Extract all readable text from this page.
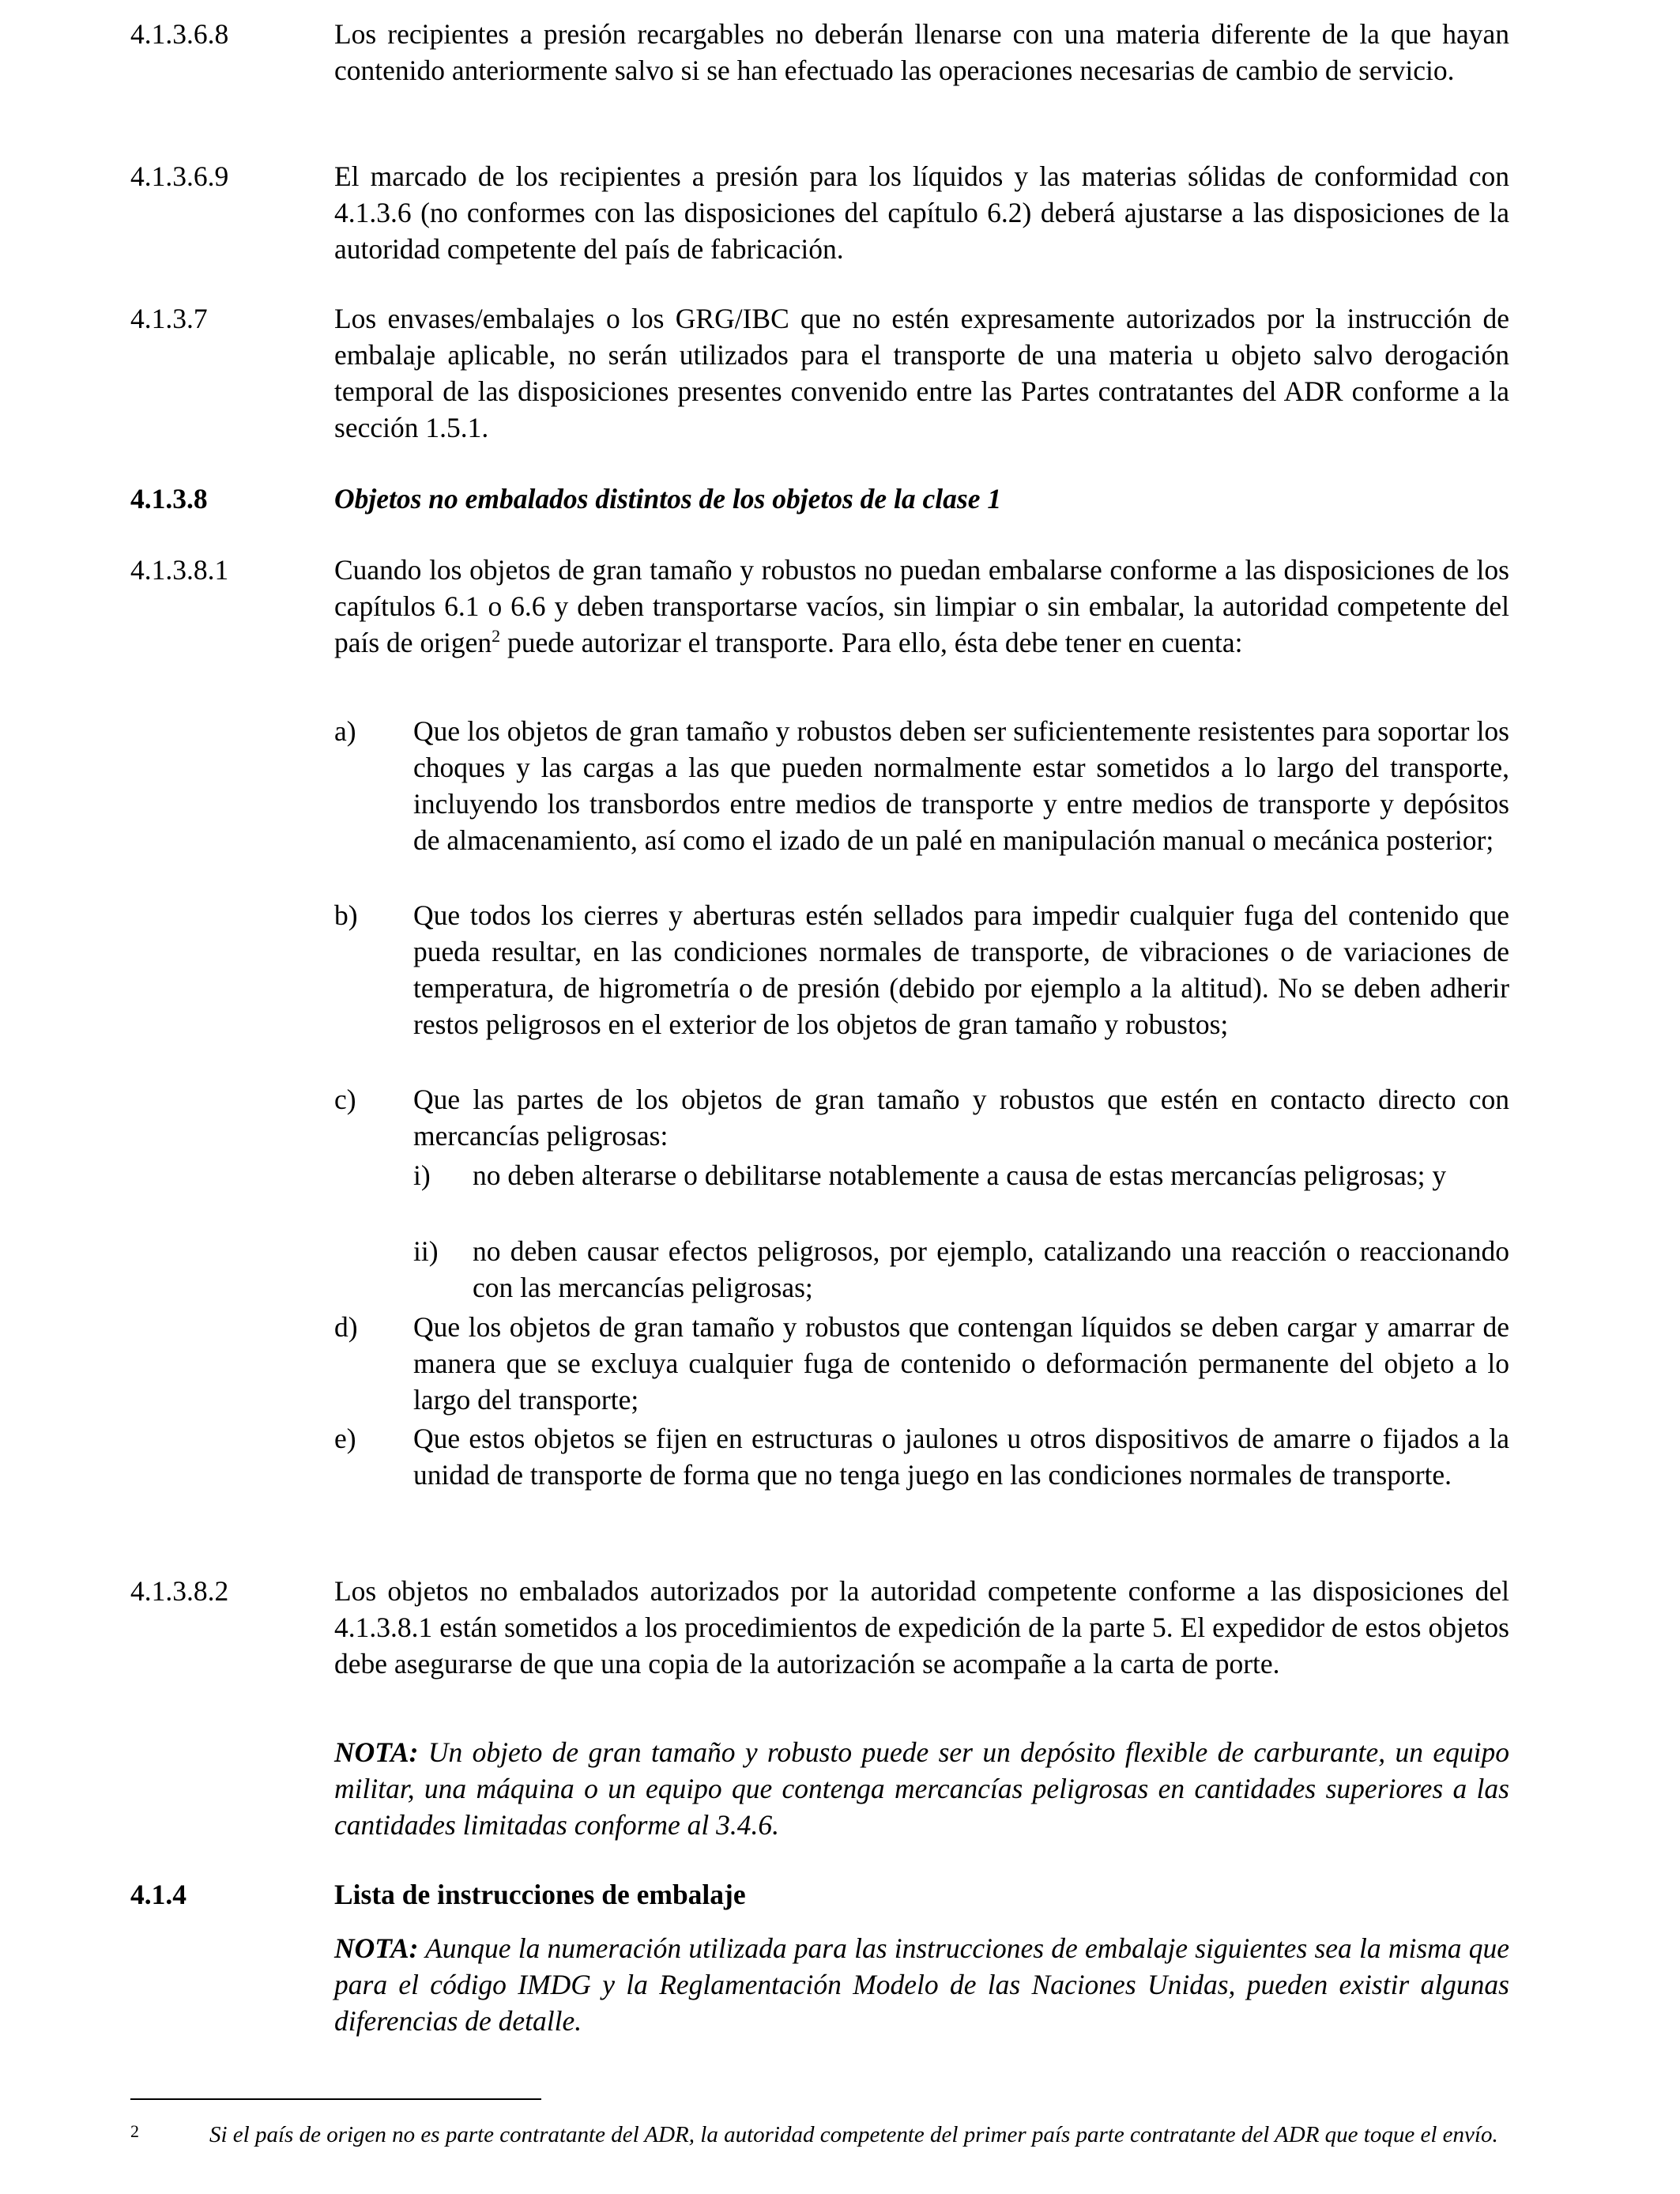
4.1.3.6.8	Los recipientes a presión recargables no deberán llenarse con una materia diferente de la que hayan contenido anteriormente salvo si se han efectuado las operaciones necesarias de cambio de servicio.
4.1.3.6.9	El marcado de los recipientes a presión para los líquidos y las materias sólidas de conformidad con 4.1.3.6 (no conformes con las disposiciones del capítulo 6.2) deberá ajustarse a las disposiciones de la autoridad competente del país de fabricación.
4.1.3.7	Los envases/embalajes o los GRG/IBC que no estén expresamente autorizados por la instrucción de embalaje aplicable, no serán utilizados para el transporte de una materia u objeto salvo derogación temporal de las disposiciones presentes convenido entre las Partes contratantes del ADR conforme a la sección 1.5.1.
4.1.3.8	Objetos no embalados distintos de los objetos de la clase 1
4.1.3.8.1	Cuando los objetos de gran tamaño y robustos no puedan embalarse conforme a las disposiciones de los capítulos 6.1 o 6.6 y deben transportarse vacíos, sin limpiar o sin embalar, la autoridad competente del país de origen$^2$ puede autorizar el transporte. Para ello, ésta debe tener en cuenta:
a) Que los objetos de gran tamaño y robustos deben ser suficientemente resistentes para soportar los choques y las cargas a las que pueden normalmente estar sometidos a lo largo del transporte, incluyendo los transbordos entre medios de transporte y entre medios de transporte y depósitos de almacenamiento, así como el izado de un palé en manipulación manual o mecánica posterior;
b) Que todos los cierres y aberturas estén sellados para impedir cualquier fuga del contenido que pueda resultar, en las condiciones normales de transporte, de vibraciones o de variaciones de temperatura, de higrometría o de presión (debido por ejemplo a la altitud). No se deben adherir restos peligrosos en el exterior de los objetos de gran tamaño y robustos;
c) Que las partes de los objetos de gran tamaño y robustos que estén en contacto directo con mercancías peligrosas:
i) no deben alterarse o debilitarse notablemente a causa de estas mercancías peligrosas; y
ii) no deben causar efectos peligrosos, por ejemplo, catalizando una reacción o reaccionando con las mercancías peligrosas;
d) Que los objetos de gran tamaño y robustos que contengan líquidos se deben cargar y amarrar de manera que se excluya cualquier fuga de contenido o deformación permanente del objeto a lo largo del transporte;
e) Que estos objetos se fijen en estructuras o jaulones u otros dispositivos de amarre o fijados a la unidad de transporte de forma que no tenga juego en las condiciones normales de transporte.
4.1.3.8.2	Los objetos no embalados autorizados por la autoridad competente conforme a las disposiciones del 4.1.3.8.1 están sometidos a los procedimientos de expedición de la parte 5. El expedidor de estos objetos debe asegurarse de que una copia de la autorización se acompañe a la carta de porte.
NOTA: Un objeto de gran tamaño y robusto puede ser un depósito flexible de carburante, un equipo militar, una máquina o un equipo que contenga mercancías peligrosas en cantidades superiores a las cantidades limitadas conforme al 3.4.6.
4.1.4	Lista de instrucciones de embalaje
NOTA: Aunque la numeración utilizada para las instrucciones de embalaje siguientes sea la misma que para el código IMDG y la Reglamentación Modelo de las Naciones Unidas, pueden existir algunas diferencias de detalle.
2	Si el país de origen no es parte contratante del ADR, la autoridad competente del primer país parte contratante del ADR que toque el envío.
